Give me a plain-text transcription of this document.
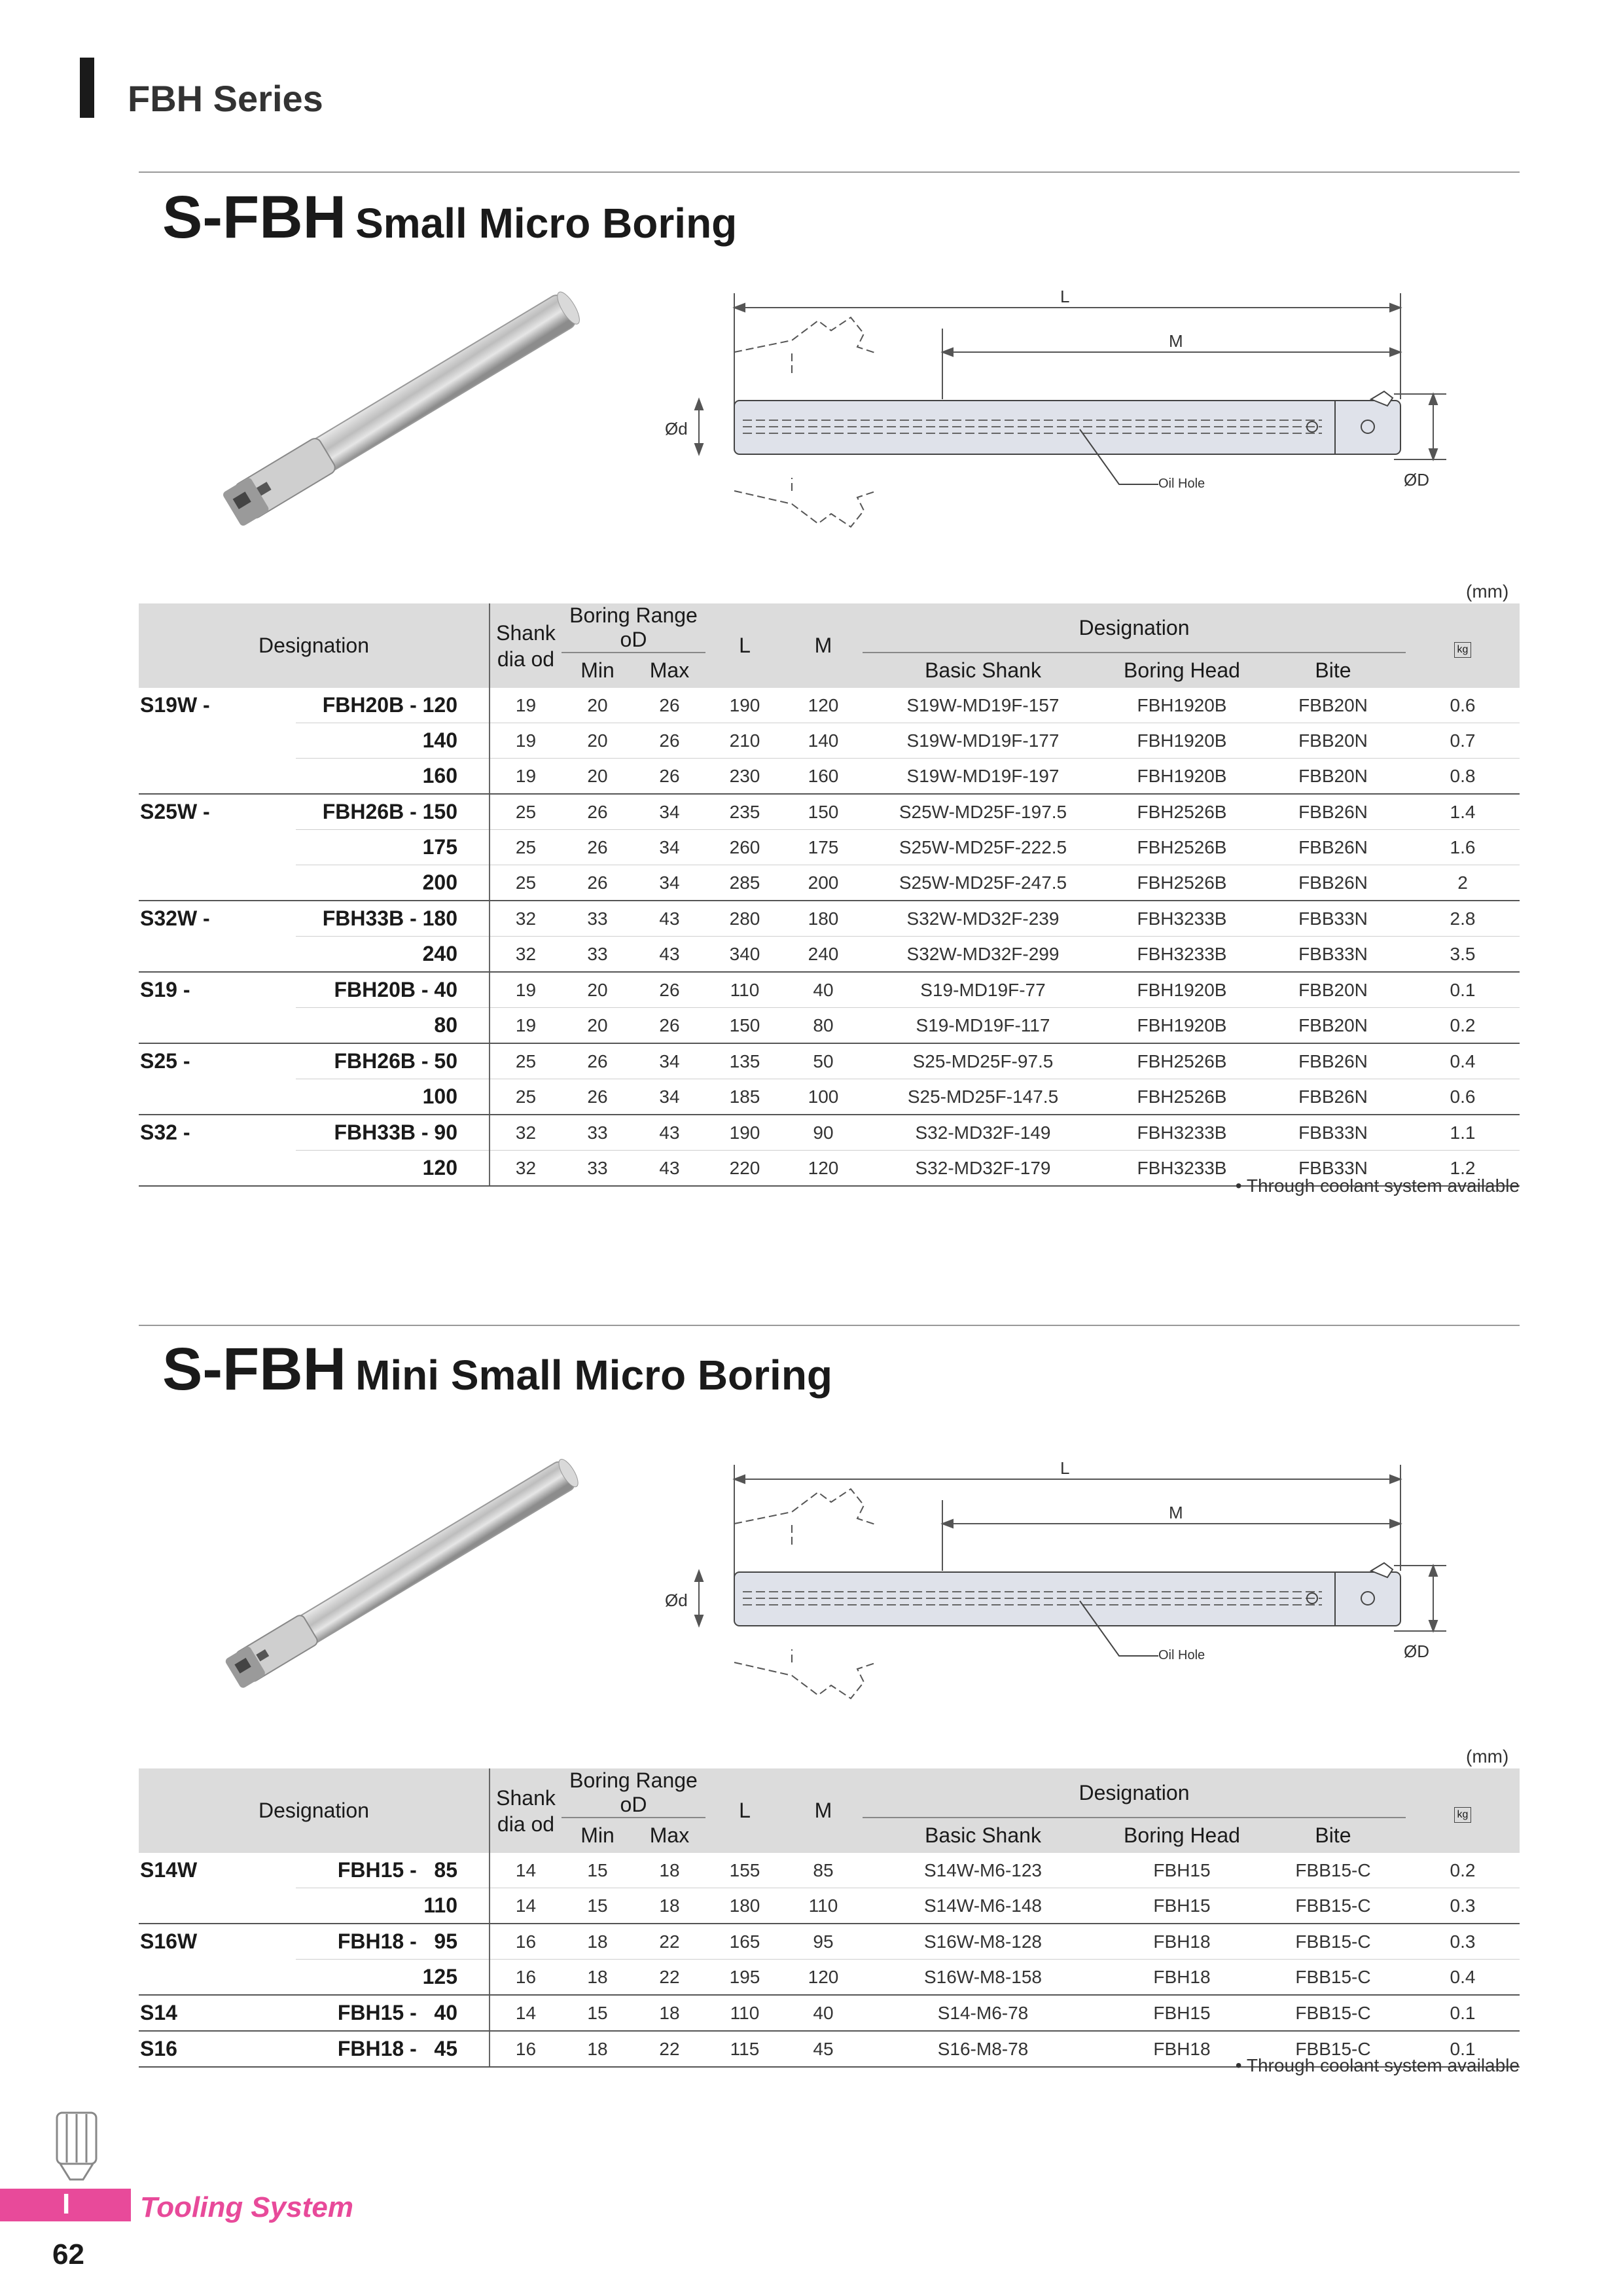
FBH Series
S-FBH Small Micro Boring
L
M
Ød
ØD
Oil Hole
(mm)
Designation		Shank
dia od	Boring Range oD		L	M	Designation			kg
			Min	Max			Basic Shank	Boring Head	Bite	
S19W -	FBH20B - 120	19	20	26	190	120	S19W-MD19F-157	FBH1920B	FBB20N	0.6
	140	19	20	26	210	140	S19W-MD19F-177	FBH1920B	FBB20N	0.7
	160	19	20	26	230	160	S19W-MD19F-197	FBH1920B	FBB20N	0.8
S25W -	FBH26B - 150	25	26	34	235	150	S25W-MD25F-197.5	FBH2526B	FBB26N	1.4
	175	25	26	34	260	175	S25W-MD25F-222.5	FBH2526B	FBB26N	1.6
	200	25	26	34	285	200	S25W-MD25F-247.5	FBH2526B	FBB26N	2
S32W -	FBH33B - 180	32	33	43	280	180	S32W-MD32F-239	FBH3233B	FBB33N	2.8
	240	32	33	43	340	240	S32W-MD32F-299	FBH3233B	FBB33N	3.5
S19 -	FBH20B - 40	19	20	26	110	40	S19-MD19F-77	FBH1920B	FBB20N	0.1
	80	19	20	26	150	80	S19-MD19F-117	FBH1920B	FBB20N	0.2
S25 -	FBH26B - 50	25	26	34	135	50	S25-MD25F-97.5	FBH2526B	FBB26N	0.4
	100	25	26	34	185	100	S25-MD25F-147.5	FBH2526B	FBB26N	0.6
S32 -	FBH33B - 90	32	33	43	190	90	S32-MD32F-149	FBH3233B	FBB33N	1.1
	120	32	33	43	220	120	S32-MD32F-179	FBH3233B	FBB33N	1.2
• Through coolant system available
S-FBH Mini Small Micro Boring
L
M
Ød
ØD
Oil Hole
(mm)
Designation		Shank
dia od	Boring Range oD		L	M	Designation			kg
			Min	Max			Basic Shank	Boring Head	Bite	
S14W	FBH15 -   85	14	15	18	155	85	S14W-M6-123	FBH15	FBB15-C	0.2
	110	14	15	18	180	110	S14W-M6-148	FBH15	FBB15-C	0.3
S16W	FBH18 -   95	16	18	22	165	95	S16W-M8-128	FBH18	FBB15-C	0.3
	125	16	18	22	195	120	S16W-M8-158	FBH18	FBB15-C	0.4
S14	FBH15 -   40	14	15	18	110	40	S14-M6-78	FBH15	FBB15-C	0.1
S16	FBH18 -   45	16	18	22	115	45	S16-M8-78	FBH18	FBB15-C	0.1
• Through coolant system available
I Tooling System
62
